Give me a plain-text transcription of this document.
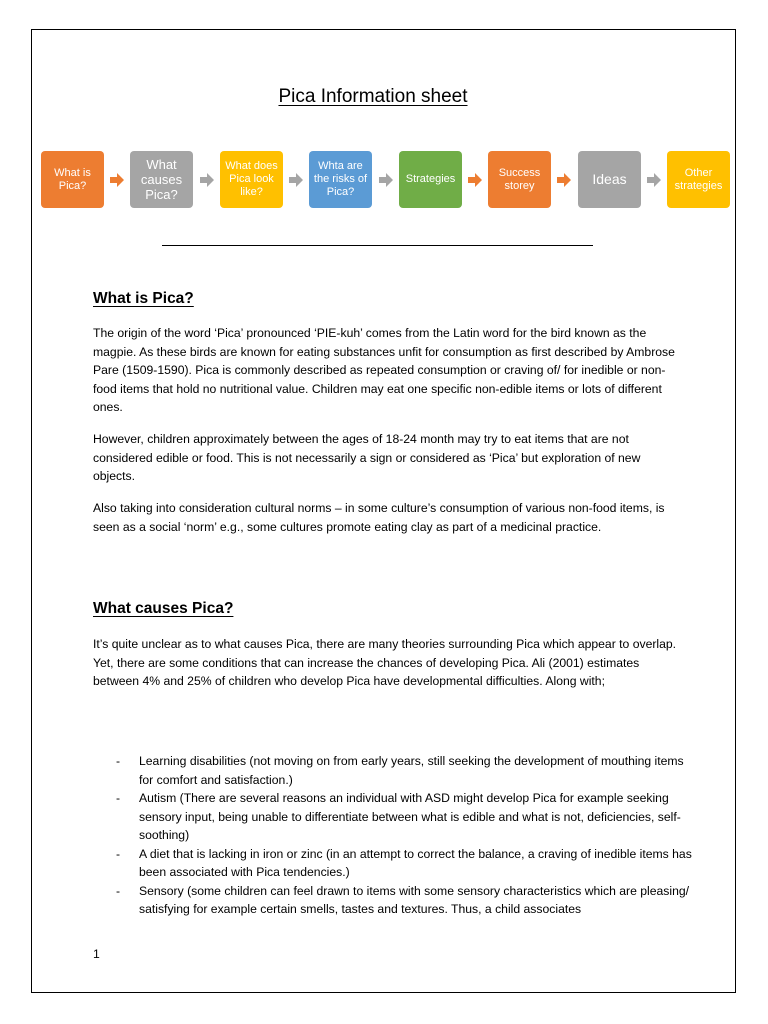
Pica Information sheet
What is Pica?
What causes Pica?
What does Pica look like?
Whta are the risks of Pica?
Strategies
Success storey	Ideas	Other strategies
What is Pica?

The origin of the word ‘Pica’ pronounced ‘PIE-kuh’ comes from the Latin word for the bird known as the magpie. As these birds are known for eating substances unfit for consumption as first described by Ambrose Pare (1509-1590). Pica is commonly described as repeated consumption or craving of/ for inedible or non-food items that hold no nutritional value. Children may eat one specific non-edible items or lots of different ones.

However, children approximately between the ages of 18-24 month may try to eat items that are not considered edible or food. This is not necessarily a sign or considered as ‘Pica’ but exploration of new objects.

Also taking into consideration cultural norms – in some culture’s consumption of various non-food items, is seen as a social ‘norm’ e.g., some cultures promote eating clay as part of a medicinal practice.

What causes Pica?

It’s quite unclear as to what causes Pica, there are many theories surrounding Pica which appear to overlap. Yet, there are some conditions that can increase the chances of developing Pica. Ali (2001) estimates between 4% and 25% of children who develop Pica have developmental difficulties. Along with;

- Learning disabilities (not moving on from early years, still seeking the development of mouthing items for comfort and satisfaction.)
- Autism (There are several reasons an individual with ASD might develop Pica for example seeking sensory input, being unable to differentiate between what is edible and what is not, deficiencies, self-soothing)
- A diet that is lacking in iron or zinc (in an attempt to correct the balance, a craving of inedible items has been associated with Pica tendencies.)
- Sensory (some children can feel drawn to items with some sensory characteristics which are pleasing/ satisfying for example certain smells, tastes and textures. Thus, a child associates
1
